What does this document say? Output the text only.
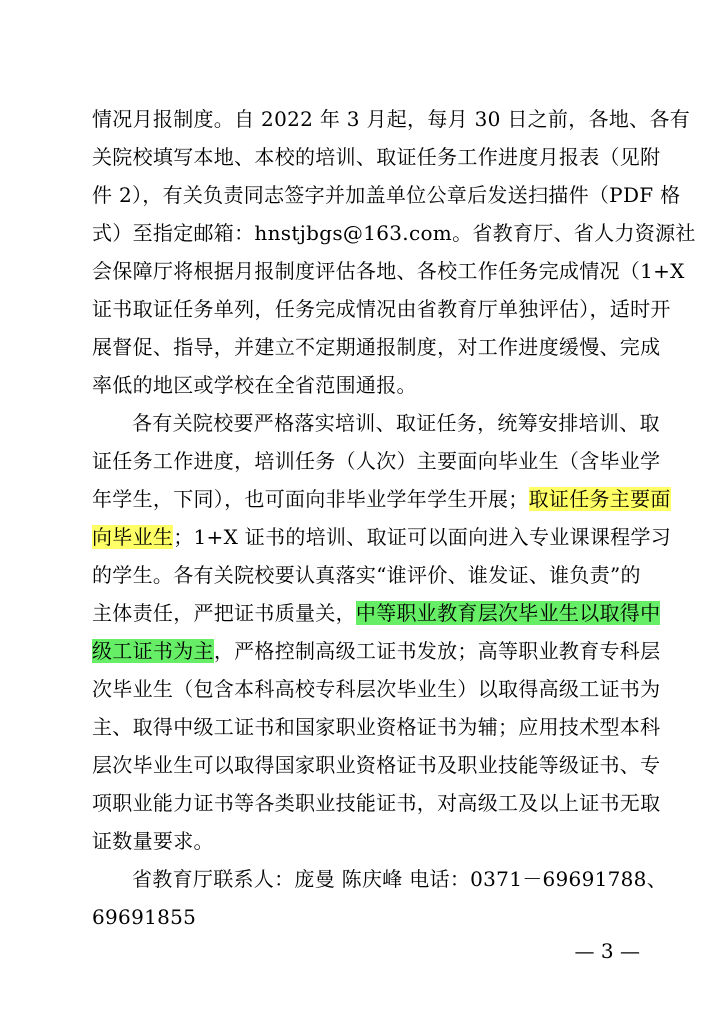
情况月报制度。自 2022 年 3 月起，每月 30 日之前，各地、各有
关院校填写本地、本校的培训、取证任务工作进度月报表（见附
件 2），有关负责同志签字并加盖单位公章后发送扫描件（PDF 格
式）至指定邮箱：hnstjbgs@163.com。省教育厅、省人力资源社
会保障厅将根据月报制度评估各地、各校工作任务完成情况（1+X
证书取证任务单列，任务完成情况由省教育厅单独评估），适时开
展督促、指导，并建立不定期通报制度，对工作进度缓慢、完成
率低的地区或学校在全省范围通报。
各有关院校要严格落实培训、取证任务，统筹安排培训、取
证任务工作进度，培训任务（人次）主要面向毕业生（含毕业学
年学生，下同），也可面向非毕业学年学生开展；取证任务主要面
向毕业生；1+X 证书的培训、取证可以面向进入专业课课程学习
的学生。各有关院校要认真落实“谁评价、谁发证、谁负责”的
主体责任，严把证书质量关，中等职业教育层次毕业生以取得中
级工证书为主，严格控制高级工证书发放；高等职业教育专科层
次毕业生（包含本科高校专科层次毕业生）以取得高级工证书为
主、取得中级工证书和国家职业资格证书为辅；应用技术型本科
层次毕业生可以取得国家职业资格证书及职业技能等级证书、专
项职业能力证书等各类职业技能证书，对高级工及以上证书无取
证数量要求。
省教育厅联系人：庞曼 陈庆峰 电话：0371－69691788、
69691855
— 3 —
